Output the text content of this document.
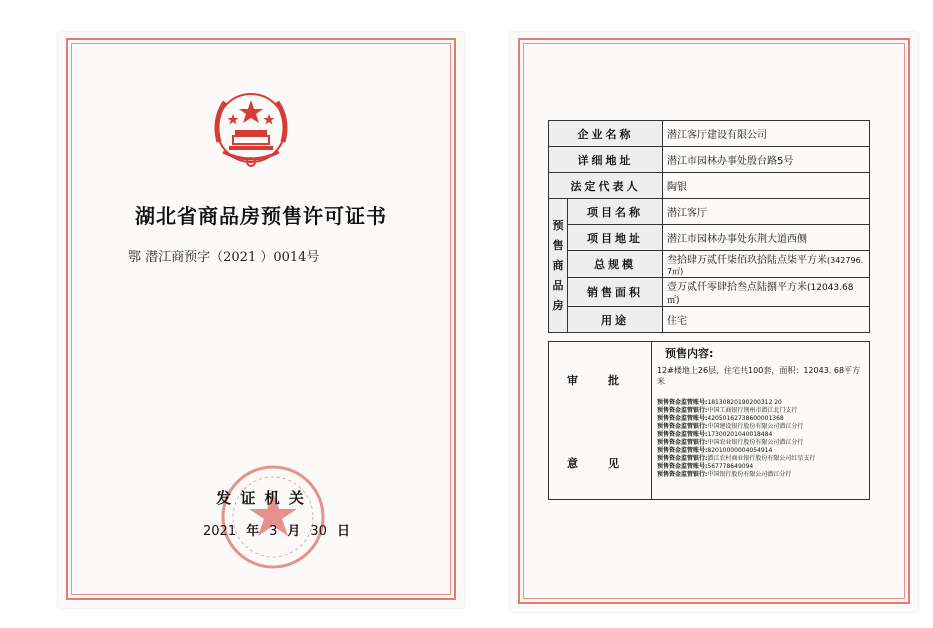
湖北省商品房预售许可证书
鄂 潜江商预字（2021 ）0014号
发 证 机 关
2021 年 3 月 30 日
企业名称		潜江客厅建设有限公司
详细地址		潜江市园林办事处殷台路5号
法定代表人		陶银
预售商品房	项目名称	潜江客厅
	项目地址	潜江市园林办事处东荆大道西侧
	总规模	叁拾肆万贰仟柒佰玖拾陆点柒平方米(342796. 7㎡)
	销售面积	壹万贰仟零肆拾叁点陆捌平方米(12043.68㎡)
	用途	住宅
审批
意见

预售内容:
12#楼地上26层，住宅共100套，面积：12043. 68平方米
预售资金监管账号:18130820190200312 20
预售资金监管银行:中国工商银行荆州市潜江北门支行
预售资金监管账号:42050162738600001368
预售资金监管银行:中国建设银行股份有限公司潜江分行
预售资金监管账号:17300201040018484
预售资金监管银行:中国农业银行股份有限公司潜江分行
预售资金监管账号:82010000004054914
预售资金监管银行:潜江农村商业银行股份有限公司红星支行
预售资金监管账号:567778649094
预售资金监管银行:中国银行股份有限公司潜江分行
